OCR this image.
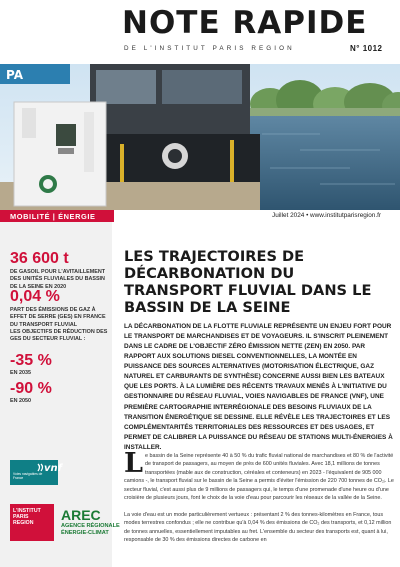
NOTE RAPIDE
DE L'INSTITUT PARIS REGION	N° 1012
PA
MOBILITÉ | ÉNERGIE	Juillet 2024 • www.institutparisregion.fr
36 600 t
DE GASOIL POUR L'AVITAILLEMENT DES UNITÉS FLUVIALES DU BASSIN DE LA SEINE EN 2020
0,04 %
PART DES ÉMISSIONS DE GAZ À EFFET DE SERRE (GES) EN FRANCE DU TRANSPORT FLUVIAL
LES OBJECTIFS DE RÉDUCTION DES GES DU SECTEUR FLUVIAL :
-35 %
EN 2035
-90 %
EN 2050
vnf
Voies navigables de France
L'INSTITUT
PARIS
REGION
AREC
AGENCE RÉGIONALE
ÉNERGIE-CLIMAT
LES TRAJECTOIRES DE DÉCARBONATION DU TRANSPORT FLUVIAL DANS LE BASSIN DE LA SEINE

LA DÉCARBONATION DE LA FLOTTE FLUVIALE REPRÉSENTE UN ENJEU FORT POUR LE TRANSPORT DE MARCHANDISES ET DE VOYAGEURS. IL S'INSCRIT PLEINEMENT DANS LE CADRE DE L'OBJECTIF ZÉRO ÉMISSION NETTE (ZEN) EN 2050. PAR RAPPORT AUX SOLUTIONS DIESEL CONVENTIONNELLES, LA MONTÉE EN PUISSANCE DES SOURCES ALTERNATIVES (MOTORISATION ÉLECTRIQUE, GAZ NATUREL ET CARBURANTS DE SYNTHÈSE) CONCERNE AUSSI BIEN LES BATEAUX QUE LES PORTS. À LA LUMIÈRE DES RÉCENTS TRAVAUX MENÉS À L'INITIATIVE DU GESTIONNAIRE DU RÉSEAU FLUVIAL, VOIES NAVIGABLES DE FRANCE (VNF), UNE PREMIÈRE CARTOGRAPHIE INTERRÉGIONALE DES BESOINS FLUVIAUX DE LA TRANSITION ÉNERGÉTIQUE SE DESSINE. ELLE RÉVÈLE LES TRAJECTOIRES ET LES COMPLÉMENTARITÉS TERRITORIALES DES RESSOURCES ET DES USAGES, ET PERMET DE CALIBRER LA PUISSANCE DU RÉSEAU DE STATIONS MULTI-ÉNERGIES À INSTALLER.

L e bassin de la Seine représente 40 à 50 % du trafic fluvial national de marchandises et 80 % de l'activité de transport de passagers, au moyen de près de 600 unités fluviales. Avec 18,1 millions de tonnes transportées (mable aux de construction, céréales et conteneurs) en 2023 - l'équivalent de 905 000 camions -, le transport fluvial sur le bassin de la Seine a permis d'éviter l'émission de 220 700 tonnes de CO₂ᵢ. Le secteur fluvial, c'est aussi plus de 9 millions de passagers qui, le temps d'une promenade d'une heure ou d'une croisière de plusieurs jours, font le choix de la voie d'eau pour parcourir les réseaux de la vallée de la Seine.
La voie d'eau est un mode particulièrement vertueux : présentant 2 % des tonnes-kilomètres en France, tous modes terrestres confondus ; elle ne contribue qu'à 0,04 % des émissions de CO₂ des transports, et 0,12 million de tonnes annuelles, essentiellement imputables au fret. L'ensemble du secteur des transports est, quant à lui, responsable de 30 % des émissions directes de carbone en
